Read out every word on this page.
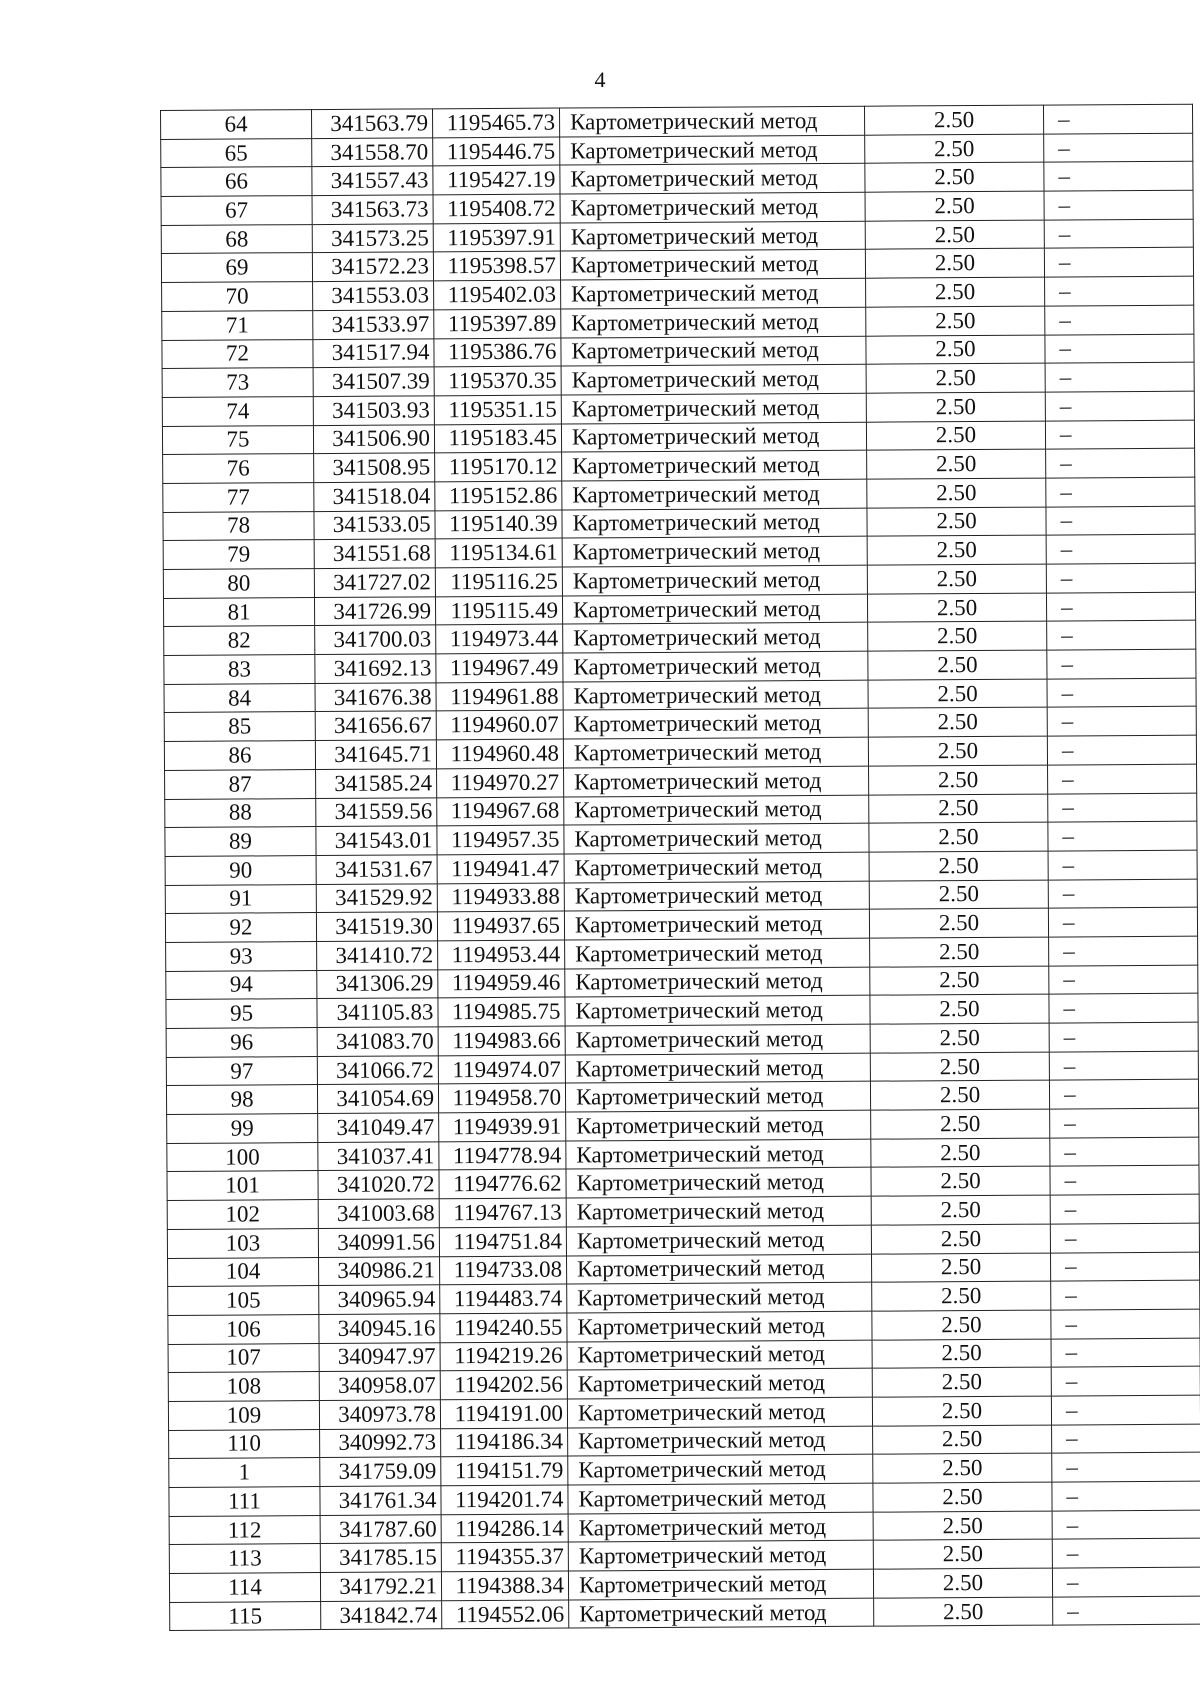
4
64	341563.79	1195465.73	Картометрический метод	2.50	–
65	341558.70	1195446.75	Картометрический метод	2.50	–
66	341557.43	1195427.19	Картометрический метод	2.50	–
67	341563.73	1195408.72	Картометрический метод	2.50	–
68	341573.25	1195397.91	Картометрический метод	2.50	–
69	341572.23	1195398.57	Картометрический метод	2.50	–
70	341553.03	1195402.03	Картометрический метод	2.50	–
71	341533.97	1195397.89	Картометрический метод	2.50	–
72	341517.94	1195386.76	Картометрический метод	2.50	–
73	341507.39	1195370.35	Картометрический метод	2.50	–
74	341503.93	1195351.15	Картометрический метод	2.50	–
75	341506.90	1195183.45	Картометрический метод	2.50	–
76	341508.95	1195170.12	Картометрический метод	2.50	–
77	341518.04	1195152.86	Картометрический метод	2.50	–
78	341533.05	1195140.39	Картометрический метод	2.50	–
79	341551.68	1195134.61	Картометрический метод	2.50	–
80	341727.02	1195116.25	Картометрический метод	2.50	–
81	341726.99	1195115.49	Картометрический метод	2.50	–
82	341700.03	1194973.44	Картометрический метод	2.50	–
83	341692.13	1194967.49	Картометрический метод	2.50	–
84	341676.38	1194961.88	Картометрический метод	2.50	–
85	341656.67	1194960.07	Картометрический метод	2.50	–
86	341645.71	1194960.48	Картометрический метод	2.50	–
87	341585.24	1194970.27	Картометрический метод	2.50	–
88	341559.56	1194967.68	Картометрический метод	2.50	–
89	341543.01	1194957.35	Картометрический метод	2.50	–
90	341531.67	1194941.47	Картометрический метод	2.50	–
91	341529.92	1194933.88	Картометрический метод	2.50	–
92	341519.30	1194937.65	Картометрический метод	2.50	–
93	341410.72	1194953.44	Картометрический метод	2.50	–
94	341306.29	1194959.46	Картометрический метод	2.50	–
95	341105.83	1194985.75	Картометрический метод	2.50	–
96	341083.70	1194983.66	Картометрический метод	2.50	–
97	341066.72	1194974.07	Картометрический метод	2.50	–
98	341054.69	1194958.70	Картометрический метод	2.50	–
99	341049.47	1194939.91	Картометрический метод	2.50	–
100	341037.41	1194778.94	Картометрический метод	2.50	–
101	341020.72	1194776.62	Картометрический метод	2.50	–
102	341003.68	1194767.13	Картометрический метод	2.50	–
103	340991.56	1194751.84	Картометрический метод	2.50	–
104	340986.21	1194733.08	Картометрический метод	2.50	–
105	340965.94	1194483.74	Картометрический метод	2.50	–
106	340945.16	1194240.55	Картометрический метод	2.50	–
107	340947.97	1194219.26	Картометрический метод	2.50	–
108	340958.07	1194202.56	Картометрический метод	2.50	–
109	340973.78	1194191.00	Картометрический метод	2.50	–
110	340992.73	1194186.34	Картометрический метод	2.50	–
1	341759.09	1194151.79	Картометрический метод	2.50	–
111	341761.34	1194201.74	Картометрический метод	2.50	–
112	341787.60	1194286.14	Картометрический метод	2.50	–
113	341785.15	1194355.37	Картометрический метод	2.50	–
114	341792.21	1194388.34	Картометрический метод	2.50	–
115	341842.74	1194552.06	Картометрический метод	2.50	–
